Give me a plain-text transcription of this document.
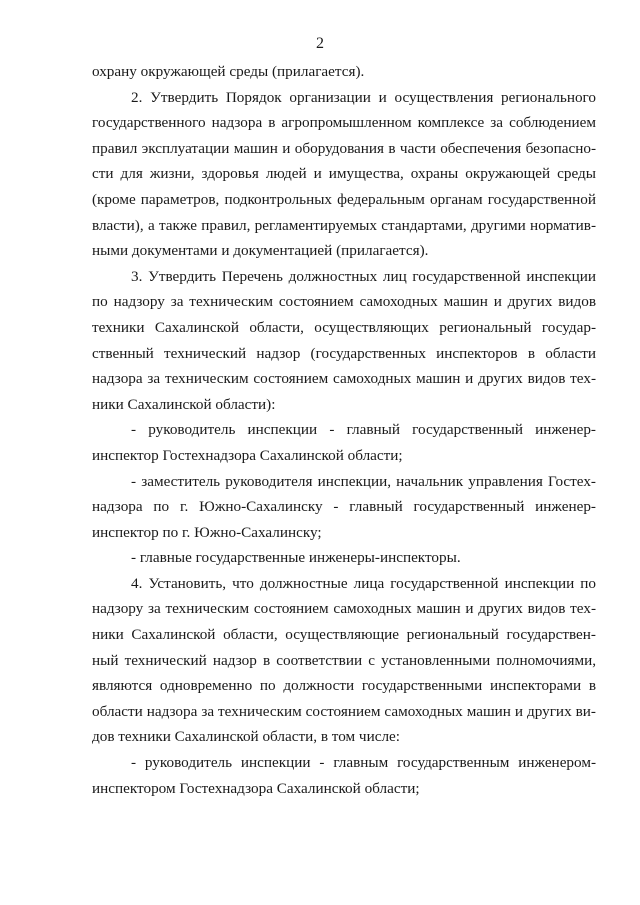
2
охрану окружающей среды (прилагается).
2. Утвердить Порядок организации и осуществления регионального
государственного надзора в агропромышленном комплексе за соблюдением
правил эксплуатации машин и оборудования в части обеспечения безопасно-
сти для жизни, здоровья людей и имущества, охраны окружающей среды
(кроме параметров, подконтрольных федеральным органам государственной
власти), а также правил, регламентируемых стандартами, другими норматив-
ными документами и документацией (прилагается).
3. Утвердить Перечень должностных лиц государственной инспекции
по надзору за техническим состоянием самоходных машин и других видов
техники Сахалинской области, осуществляющих региональный государ-
ственный технический надзор (государственных инспекторов в области
надзора за техническим состоянием самоходных машин и других видов тех-
ники Сахалинской области):
- руководитель инспекции - главный государственный инженер-
инспектор Гостехнадзора Сахалинской области;
- заместитель руководителя инспекции, начальник управления Гостех-
надзора по г. Южно-Сахалинску - главный государственный инженер-
инспектор по г. Южно-Сахалинску;
- главные государственные инженеры-инспекторы.
4. Установить, что должностные лица государственной инспекции по
надзору за техническим состоянием самоходных машин и других видов тех-
ники Сахалинской области, осуществляющие региональный государствен-
ный технический надзор в соответствии с установленными полномочиями,
являются одновременно по должности государственными инспекторами в
области надзора за техническим состоянием самоходных машин и других ви-
дов техники Сахалинской области, в том числе:
- руководитель инспекции - главным государственным инженером-
инспектором Гостехнадзора Сахалинской области;
